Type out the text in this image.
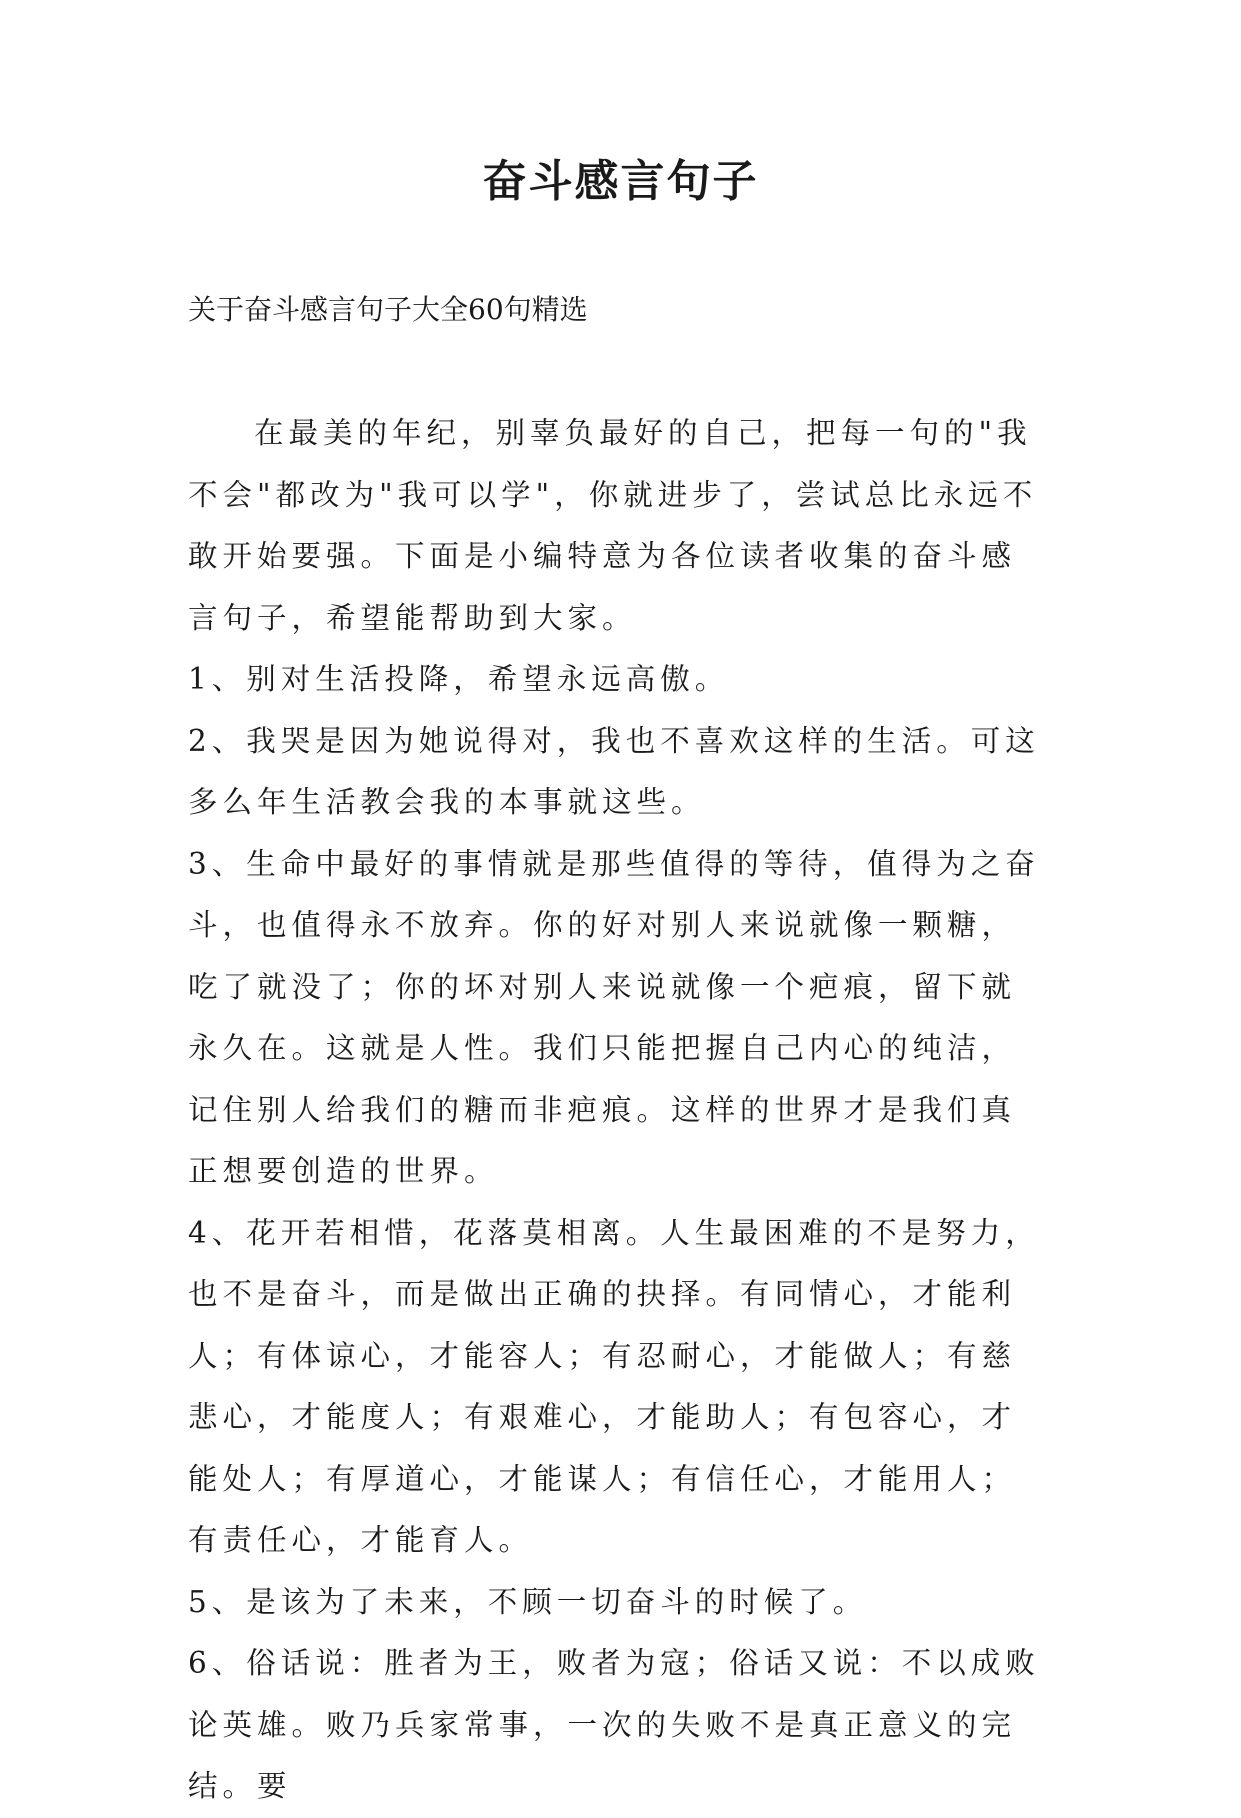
奋斗感言句子

关于奋斗感言句子大全60句精选

在最美的年纪，别辜负最好的自己，把每一句的"我不会"都改为"我可以学"，你就进步了，尝试总比永远不敢开始要强。下面是小编特意为各位读者收集的奋斗感言句子，希望能帮助到大家。

1、别对生活投降，希望永远高傲。

2、我哭是因为她说得对，我也不喜欢这样的生活。可这多么年生活教会我的本事就这些。

3、生命中最好的事情就是那些值得的等待，值得为之奋斗，也值得永不放弃。你的好对别人来说就像一颗糖，吃了就没了；你的坏对别人来说就像一个疤痕，留下就永久在。这就是人性。我们只能把握自己内心的纯洁，记住别人给我们的糖而非疤痕。这样的世界才是我们真正想要创造的世界。

4、花开若相惜，花落莫相离。人生最困难的不是努力，也不是奋斗，而是做出正确的抉择。有同情心，才能利人；有体谅心，才能容人；有忍耐心，才能做人；有慈悲心，才能度人；有艰难心，才能助人；有包容心，才能处人；有厚道心，才能谋人；有信任心，才能用人；有责任心，才能育人。

5、是该为了未来，不顾一切奋斗的时候了。

6、俗话说：胜者为王，败者为寇；俗话又说：不以成败论英雄。败乃兵家常事，一次的失败不是真正意义的完结。要
